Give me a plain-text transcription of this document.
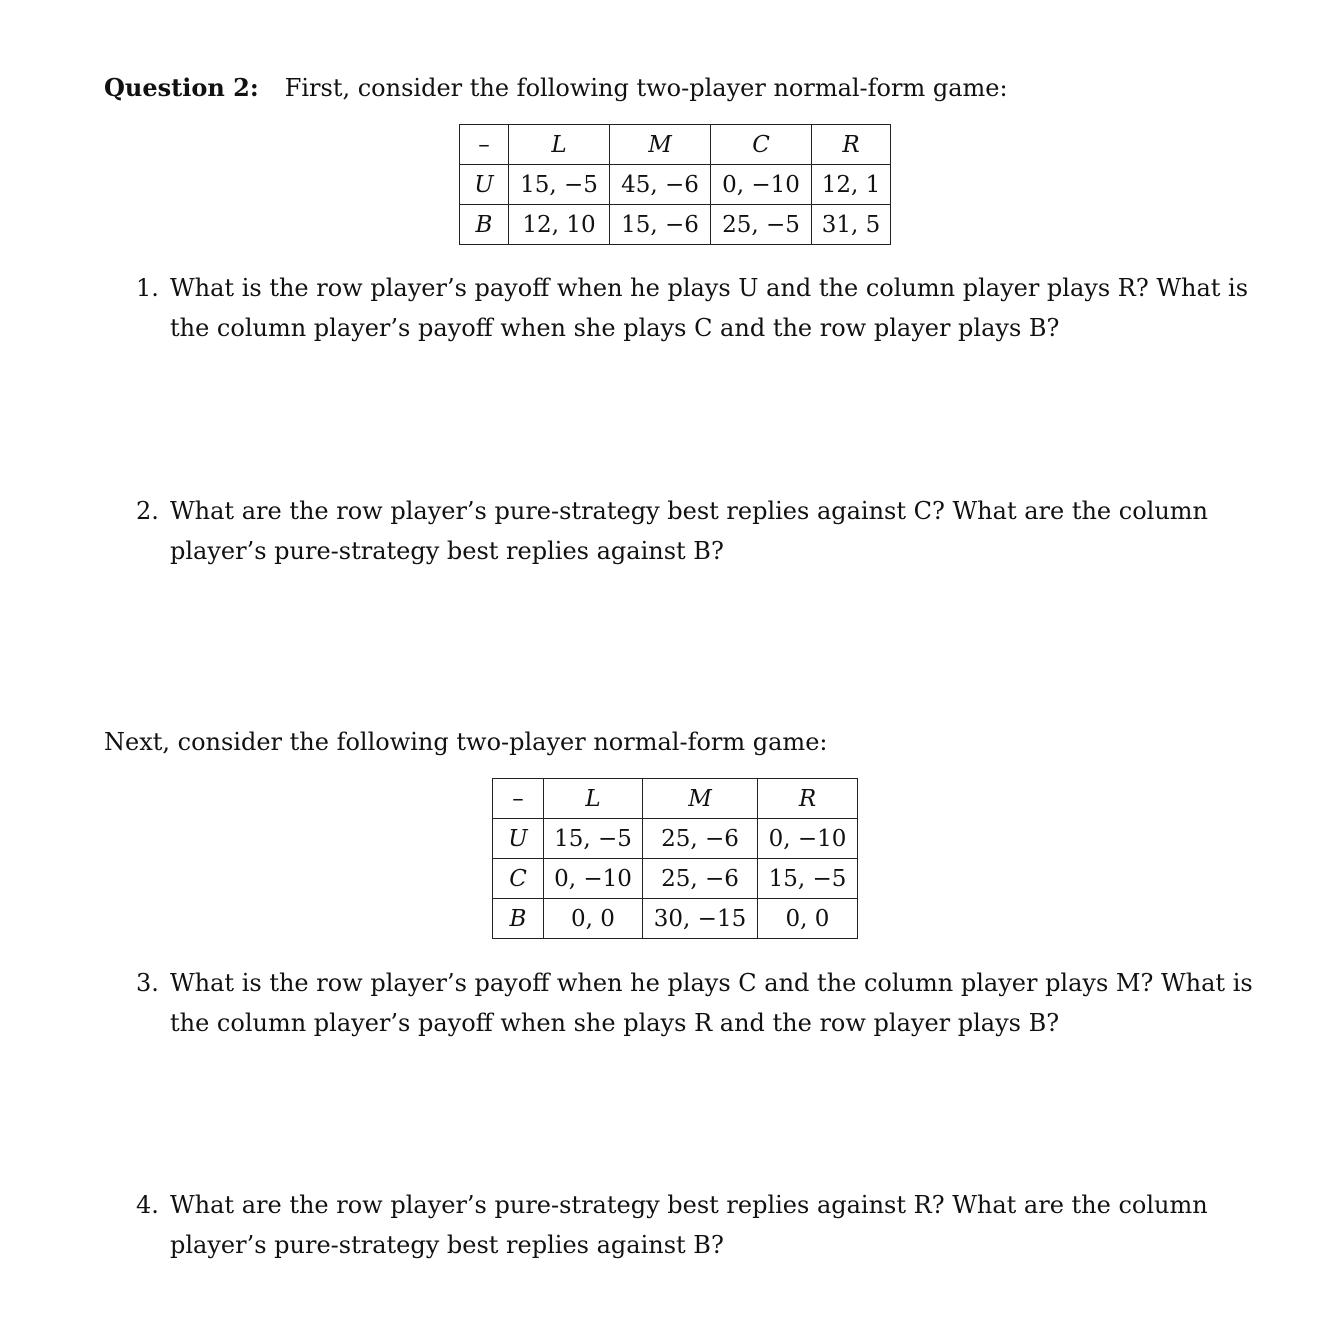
Question 2: First, consider the following two-player normal-form game:
–	L	M	C	R
U	15, −5	45, −6	0, −10	12, 1
B	12, 10	15, −6	25, −5	31, 5
1. What is the row player’s payoff when he plays U and the column player plays R? What is the column player’s payoff when she plays C and the row player plays B?
2. What are the row player’s pure-strategy best replies against C? What are the column player’s pure-strategy best replies against B?
Next, consider the following two-player normal-form game:
–	L	M	R
U	15, −5	25, −6	0, −10
C	0, −10	25, −6	15, −5
B	0, 0	30, −15	0, 0
3. What is the row player’s payoff when he plays C and the column player plays M? What is the column player’s payoff when she plays R and the row player plays B?
4. What are the row player’s pure-strategy best replies against R? What are the column player’s pure-strategy best replies against B?
